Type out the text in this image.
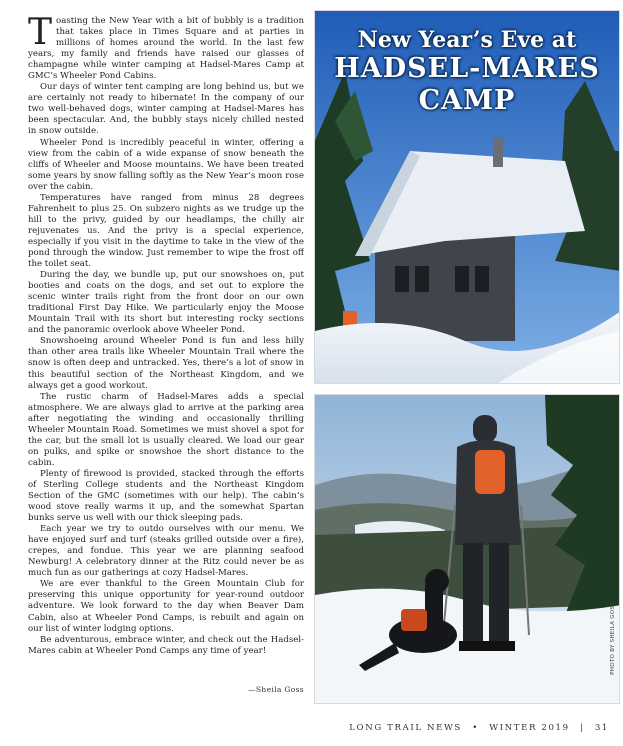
Toasting the New Year with a bit of bubbly is a tradition that takes place in Times Square and at parties in millions of homes around the world. In the last few years, my family and friends have raised our glasses of champagne while winter camping at Hadsel-Mares Camp at GMC’s Wheeler Pond Cabins.

Our days of winter tent camping are long behind us, but we are certainly not ready to hibernate! In the company of our two well-behaved dogs, winter camping at Hadsel-Mares has been spectacular. And, the bubbly stays nicely chilled nested in snow outside.

Wheeler Pond is incredibly peaceful in winter, offering a view from the cabin of a wide expanse of snow beneath the cliffs of Wheeler and Moose mountains. We have been treated some years by snow falling softly as the New Year’s moon rose over the cabin.

Temperatures have ranged from minus 28 degrees Fahrenheit to plus 25. On subzero nights as we trudge up the hill to the privy, guided by our headlamps, the chilly air rejuvenates us. And the privy is a special experience, especially if you visit in the daytime to take in the view of the pond through the window. Just remember to wipe the frost off the toilet seat.

During the day, we bundle up, put our snowshoes on, put booties and coats on the dogs, and set out to explore the scenic winter trails right from the front door on our own traditional First Day Hike. We particularly enjoy the Moose Mountain Trail with its short but interesting rocky sections and the panoramic overlook above Wheeler Pond.

Snowshoeing around Wheeler Pond is fun and less hilly than other area trails like Wheeler Mountain Trail where the snow is often deep and untracked. Yes, there’s a lot of snow in this beautiful section of the Northeast Kingdom, and we always get a good workout.

The rustic charm of Hadsel-Mares adds a special atmosphere. We are always glad to arrive at the parking area after negotiating the winding and occasionally thrilling Wheeler Mountain Road. Sometimes we must shovel a spot for the car, but the small lot is usually cleared. We load our gear on pulks, and spike or snowshoe the short distance to the cabin.

Plenty of firewood is provided, stacked through the efforts of Sterling College students and the Northeast Kingdom Section of the GMC (sometimes with our help). The cabin’s wood stove really warms it up, and the somewhat Spartan bunks serve us well with our thick sleeping pads.

Each year we try to outdo ourselves with our menu. We have enjoyed surf and turf (steaks grilled outside over a fire), crepes, and fondue. This year we are planning seafood Newburg! A celebratory dinner at the Ritz could never be as much fun as our gatherings at cozy Hadsel-Mares.

We are ever thankful to the Green Mountain Club for preserving this unique opportunity for year-round outdoor adventure. We look forward to the day when Beaver Dam Cabin, also at Wheeler Pond Camps, is rebuilt and again on our list of winter lodging options.

Be adventurous, embrace winter, and check out the Hadsel-Mares cabin at Wheeler Pond Camps any time of year!

—Sheila Goss
New Year’s Eve at
HADSEL-MARES
CAMP
PHOTO BY SHEILA GOSS
LONG TRAIL NEWS • WINTER 2019 | 31
